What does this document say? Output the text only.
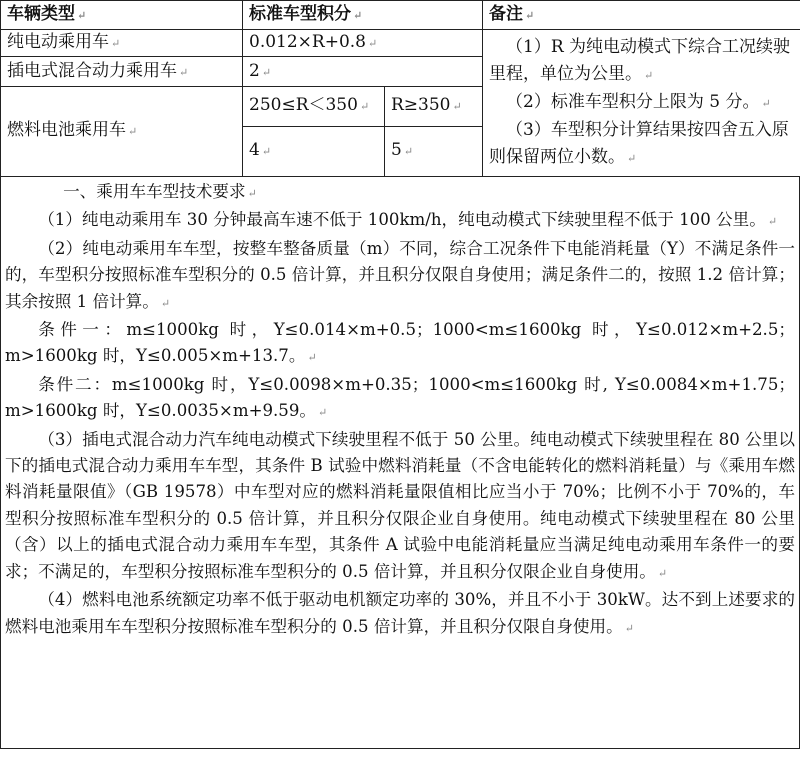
车辆类型 ↵	标准车型积分 ↵		备注 ↵
纯电动乘用车 ↵	0.012×R+0.8 ↵		（1）R 为纯电动模式下综合工况续驶里程，单位为公里。 ↵

（2）标准车型积分上限为 5 分。 ↵

（3）车型积分计算结果按四舍五入原则保留两位小数。 ↵

插电式混合动力乘用车 ↵	2 ↵		
燃料电池乘用车 ↵	250≤R＜350 ↵	R≥350 ↵	
	4 ↵	5 ↵	

一、乘用车车型技术要求 ↵

（1）纯电动乘用车 30 分钟最高车速不低于 100km/h，纯电动模式下续驶里程不低于 100 公里。 ↵

（2）纯电动乘用车车型，按整车整备质量（m）不同，综合工况条件下电能消耗量（Y）不满足条件一的，车型积分按照标准车型积分的 0.5 倍计算，并且积分仅限自身使用；满足条件二的，按照 1.2 倍计算；其余按照 1 倍计算。 ↵

条件一：m≤1000kg 时，Y≤0.014×m+0.5；1000<m≤1600kg 时，Y≤0.012×m+2.5；m>1600kg 时，Y≤0.005×m+13.7。 ↵

条件二：m≤1000kg 时，Y≤0.0098×m+0.35；1000<m≤1600kg 时, Y≤0.0084×m+1.75；m>1600kg 时，Y≤0.0035×m+9.59。 ↵

（3）插电式混合动力汽车纯电动模式下续驶里程不低于 50 公里。纯电动模式下续驶里程在 80 公里以下的插电式混合动力乘用车车型，其条件 B 试验中燃料消耗量（不含电能转化的燃料消耗量）与《乘用车燃料消耗量限值》（GB 19578）中车型对应的燃料消耗量限值相比应当小于 70%；比例不小于 70%的，车型积分按照标准车型积分的 0.5 倍计算，并且积分仅限企业自身使用。纯电动模式下续驶里程在 80 公里（含）以上的插电式混合动力乘用车车型，其条件 A 试验中电能消耗量应当满足纯电动乘用车条件一的要求；不满足的，车型积分按照标准车型积分的 0.5 倍计算，并且积分仅限企业自身使用。 ↵

（4）燃料电池系统额定功率不低于驱动电机额定功率的 30%，并且不小于 30kW。达不到上述要求的燃料电池乘用车车型积分按照标准车型积分的 0.5 倍计算，并且积分仅限自身使用。 ↵
